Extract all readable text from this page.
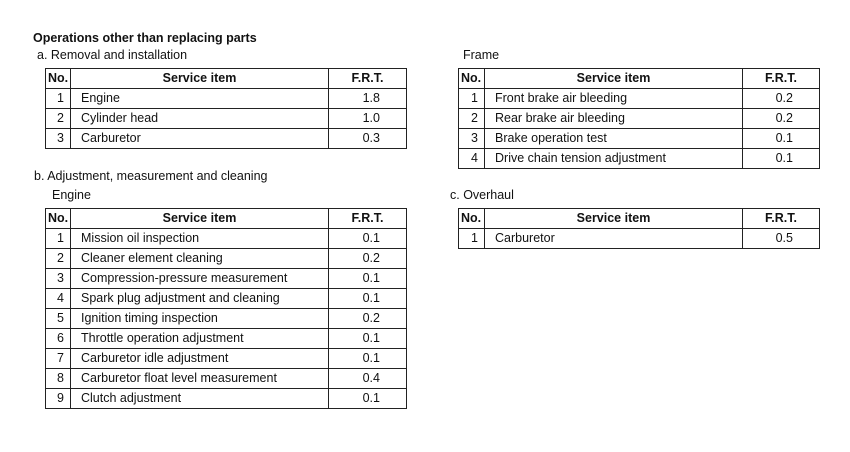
Operations other than replacing parts
a. Removal and installation	Frame
b. Adjustment, measurement and cleaning
Engine	c. Overhaul
No.	Service item	F.R.T.
1	Engine	1.8
2	Cylinder head	1.0
3	Carburetor	0.3
No.	Service item	F.R.T.
1	Mission oil inspection	0.1
2	Cleaner element cleaning	0.2
3	Compression-pressure measurement	0.1
4	Spark plug adjustment and cleaning	0.1
5	Ignition timing inspection	0.2
6	Throttle operation adjustment	0.1
7	Carburetor idle adjustment	0.1
8	Carburetor float level measurement	0.4
9	Clutch adjustment	0.1
No.	Service item	F.R.T.
1	Front brake air bleeding	0.2
2	Rear brake air bleeding	0.2
3	Brake operation test	0.1
4	Drive chain tension adjustment	0.1
No.	Service item	F.R.T.
1	Carburetor	0.5
